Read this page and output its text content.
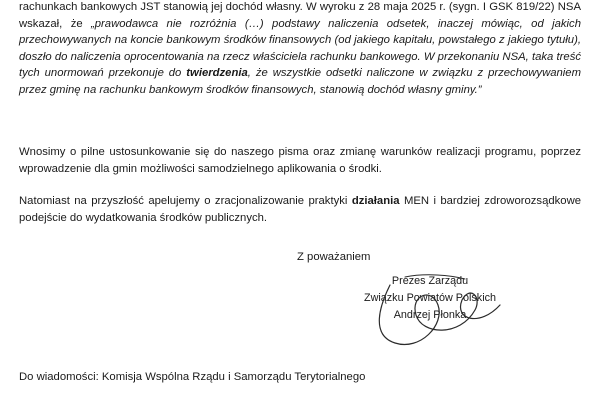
rachunkach bankowych JST stanowią jej dochód własny. W wyroku z 28 maja 2025 r. (sygn. I GSK 819/22) NSA wskazał, że „prawodawca nie rozróżnia (…) podstawy naliczenia odsetek, inaczej mówiąc, od jakich przechowywanych na koncie bankowym środków finansowych (od jakiego kapitału, powstałego z jakiego tytułu), doszło do naliczenia oprocentowania na rzecz właściciela rachunku bankowego. W przekonaniu NSA, taka treść tych unormowań przekonuje do twierdzenia, że wszystkie odsetki naliczone w związku z przechowywaniem przez gminę na rachunku bankowym środków finansowych, stanowią dochód własny gminy.”

Wnosimy o pilne ustosunkowanie się do naszego pisma oraz zmianę warunków realizacji programu, poprzez wprowadzenie dla gmin możliwości samodzielnego aplikowania o środki.

Natomiast na przyszłość apelujemy o zracjonalizowanie praktyki działania MEN i bardziej zdroworozsądkowe podejście do wydatkowania środków publicznych.

Z poważaniem

Prezes Zarządu
Związku Powiatów Polskich
Andrzej Płonka

Do wiadomości: Komisja Wspólna Rządu i Samorządu Terytorialnego
